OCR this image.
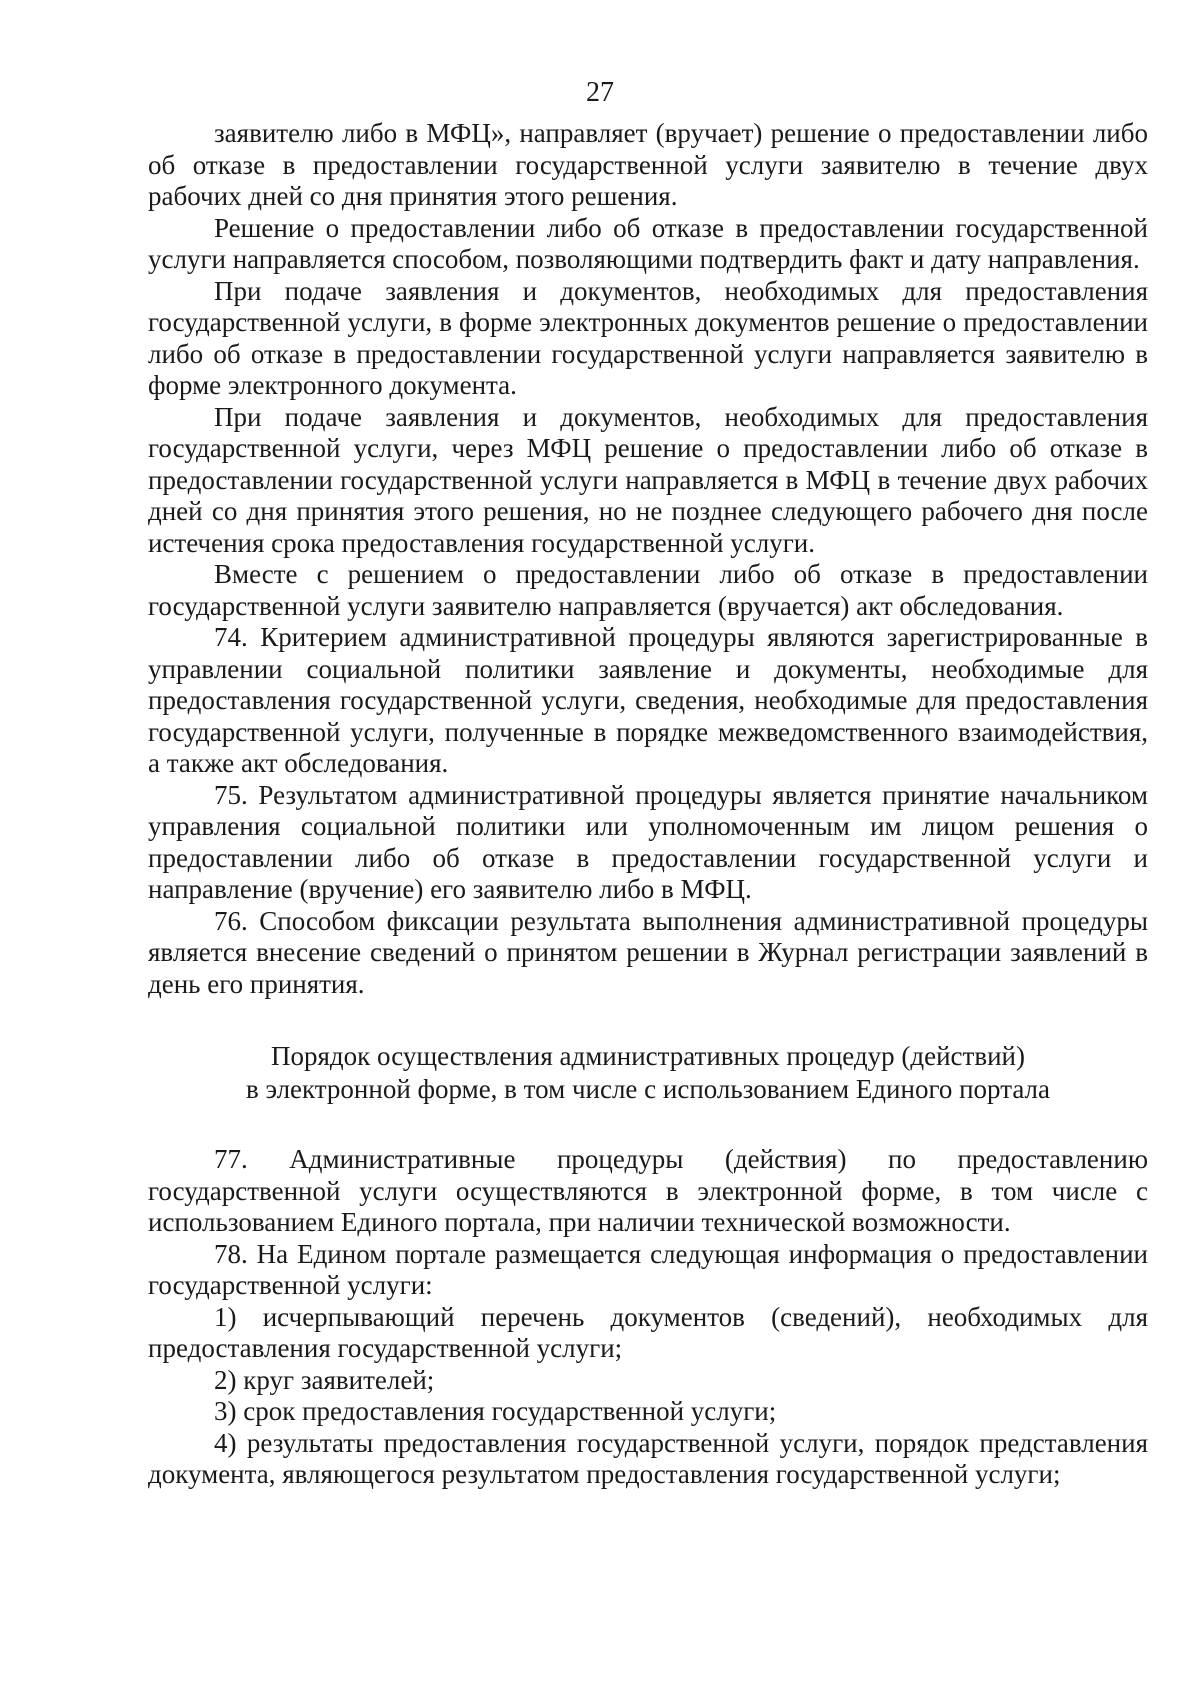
27

заявителю либо в МФЦ», направляет (вручает) решение о предоставлении либо об отказе в предоставлении государственной услуги заявителю в течение двух рабочих дней со дня принятия этого решения.

Решение о предоставлении либо об отказе в предоставлении государственной услуги направляется способом, позволяющими подтвердить факт и дату направления.

При подаче заявления и документов, необходимых для предоставления государственной услуги, в форме электронных документов решение о предоставлении либо об отказе в предоставлении государственной услуги направляется заявителю в форме электронного документа.

При подаче заявления и документов, необходимых для предоставления государственной услуги, через МФЦ решение о предоставлении либо об отказе в предоставлении государственной услуги направляется в МФЦ в течение двух рабочих дней со дня принятия этого решения, но не позднее следующего рабочего дня после истечения срока предоставления государственной услуги.

Вместе с решением о предоставлении либо об отказе в предоставлении государственной услуги заявителю направляется (вручается) акт обследования.

74. Критерием административной процедуры являются зарегистрированные в управлении социальной политики заявление и документы, необходимые для предоставления государственной услуги, сведения, необходимые для предоставления государственной услуги, полученные в порядке межведомственного взаимодействия, а также акт обследования.

75. Результатом административной процедуры является принятие начальником управления социальной политики или уполномоченным им лицом решения о предоставлении либо об отказе в предоставлении государственной услуги и направление (вручение) его заявителю либо в МФЦ.

76. Способом фиксации результата выполнения административной процедуры является внесение сведений о принятом решении в Журнал регистрации заявлений в день его принятия.

Порядок осуществления административных процедур (действий)
в электронной форме, в том числе с использованием Единого портала

77. Административные процедуры (действия) по предоставлению государственной услуги осуществляются в электронной форме, в том числе с использованием Единого портала, при наличии технической возможности.

78. На Едином портале размещается следующая информация о предоставлении государственной услуги:

1) исчерпывающий перечень документов (сведений), необходимых для предоставления государственной услуги;

2) круг заявителей;

3) срок предоставления государственной услуги;

4) результаты предоставления государственной услуги, порядок представления документа, являющегося результатом предоставления государственной услуги;
